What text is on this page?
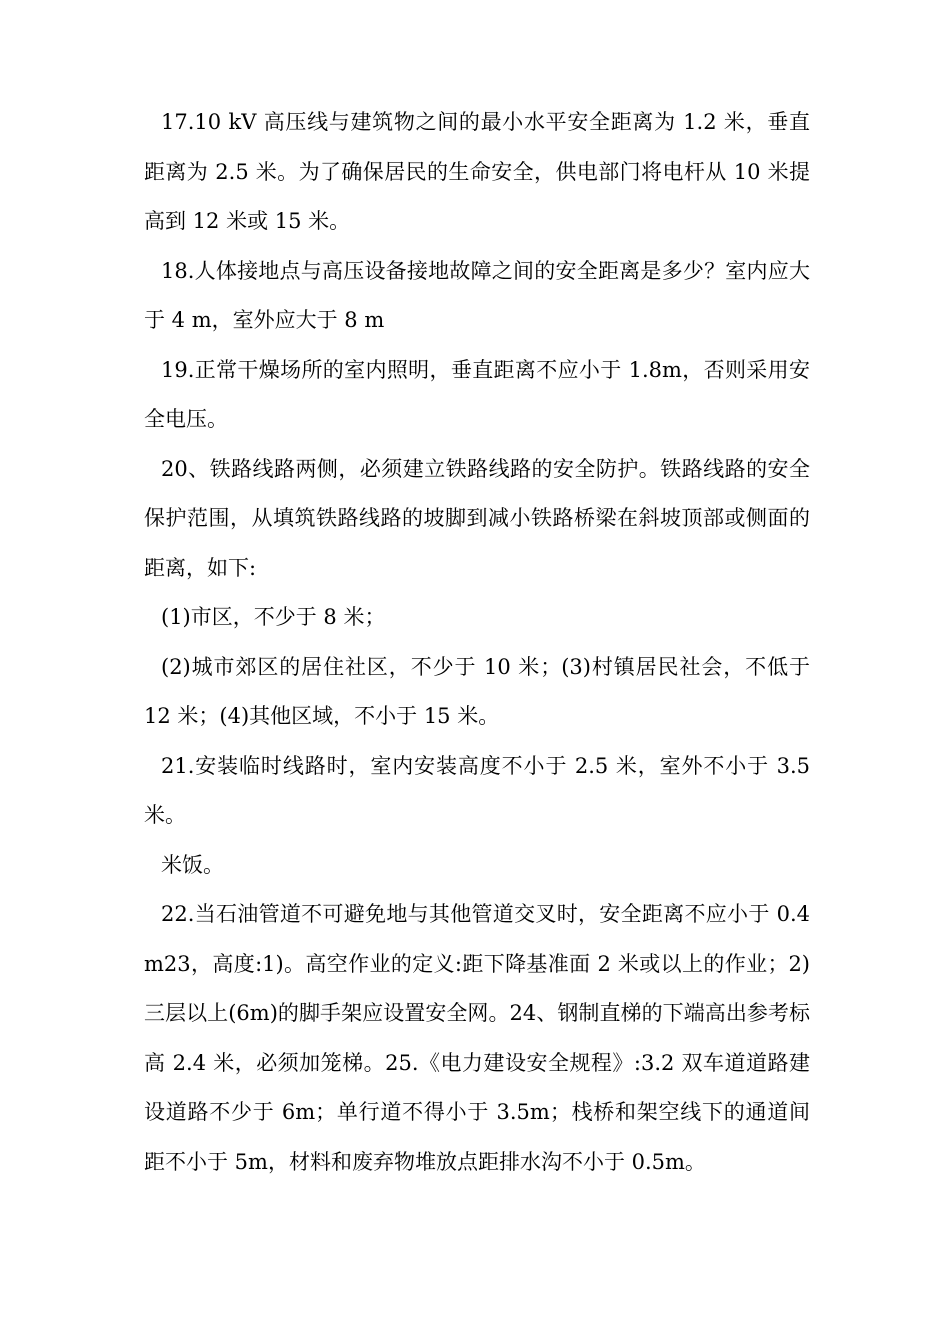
17.10 kV 高压线与建筑物之间的最小水平安全距离为 1.2 米，垂直距离为 2.5 米。为了确保居民的生命安全，供电部门将电杆从 10 米提高到 12 米或 15 米。

18.人体接地点与高压设备接地故障之间的安全距离是多少？室内应大于 4 m，室外应大于 8 m

19.正常干燥场所的室内照明，垂直距离不应小于 1.8m，否则采用安全电压。

20、铁路线路两侧，必须建立铁路线路的安全防护。铁路线路的安全保护范围，从填筑铁路线路的坡脚到减小铁路桥梁在斜坡顶部或侧面的距离，如下:

(1)市区，不少于 8 米；

(2)城市郊区的居住社区，不少于 10 米；(3)村镇居民社会，不低于 12 米；(4)其他区域，不小于 15 米。

21.安装临时线路时，室内安装高度不小于 2.5 米，室外不小于 3.5 米。

米饭。

22.当石油管道不可避免地与其他管道交叉时，安全距离不应小于 0.4 m23，高度:1)。高空作业的定义:距下降基准面 2 米或以上的作业；2)三层以上(6m)的脚手架应设置安全网。24、钢制直梯的下端高出参考标高 2.4 米，必须加笼梯。25.《电力建设安全规程》:3.2 双车道道路建设道路不少于 6m；单行道不得小于 3.5m；栈桥和架空线下的通道间距不小于 5m，材料和废弃物堆放点距排水沟不小于 0.5m。
